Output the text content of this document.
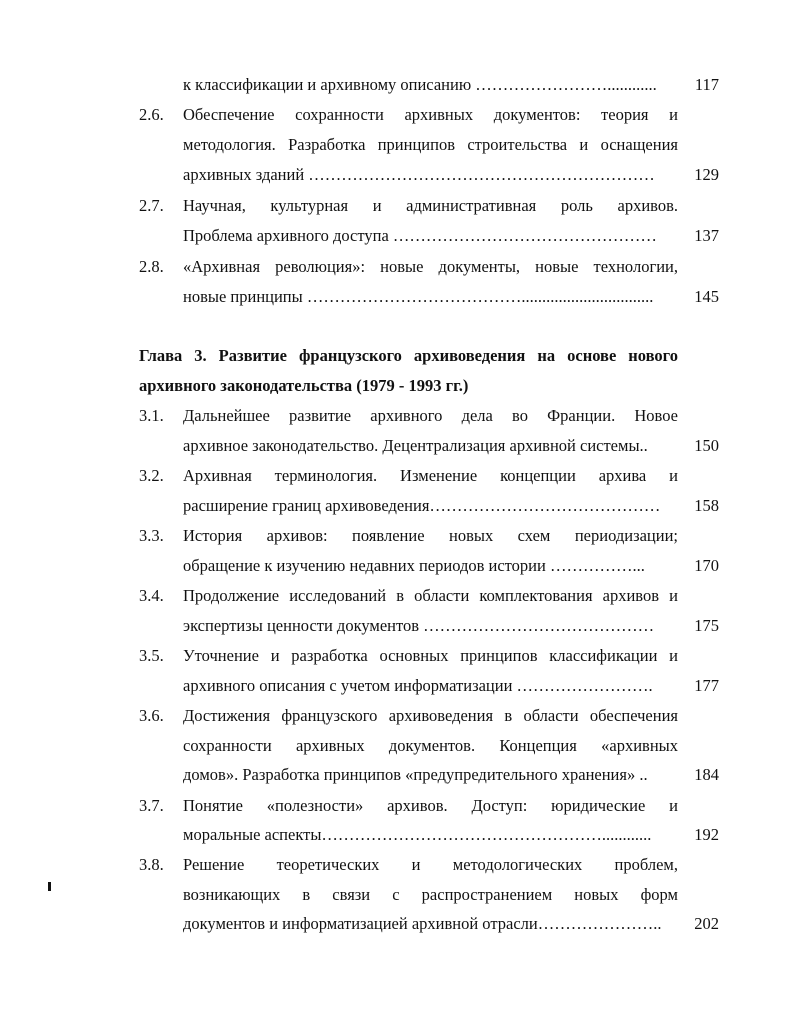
к классификации и архивному описанию ……………………............	117
2.6. Обеспечение сохранности архивных документов: теория и
методология. Разработка принципов строительства и оснащения
архивных зданий ………………………………………………………	129
2.7. Научная, культурная и административная роль архивов.
Проблема архивного доступа …………………………………………	137
2.8. «Архивная революция»: новые документы, новые технологии,
новые принципы …………………………………................................	145
Глава 3. Развитие французского архивоведения на основе нового
архивного законодательства (1979 - 1993 гг.)
3.1. Дальнейшее развитие архивного дела во Франции. Новое
архивное законодательство. Децентрализация архивной системы..	150
3.2. Архивная терминология. Изменение концепции архива и
расширение границ архивоведения……………………………………	158
3.3. История архивов: появление новых схем периодизации;
обращение к изучению недавних периодов истории ……………...	170
3.4. Продолжение исследований в области комплектования архивов и
экспертизы ценности документов ……………………………………	175
3.5. Уточнение и разработка основных принципов классификации и
архивного описания с учетом информатизации …………………….	177
3.6. Достижения французского архивоведения в области обеспечения
сохранности архивных документов. Концепция «архивных
домов». Разработка принципов «предупредительного хранения» ..	184
3.7. Понятие «полезности» архивов. Доступ: юридические и
моральные аспекты……………………………………………............	192
3.8. Решение теоретических и методологических проблем,
возникающих в связи с распространением новых форм
документов и информатизацией архивной отрасли…………………..	202
